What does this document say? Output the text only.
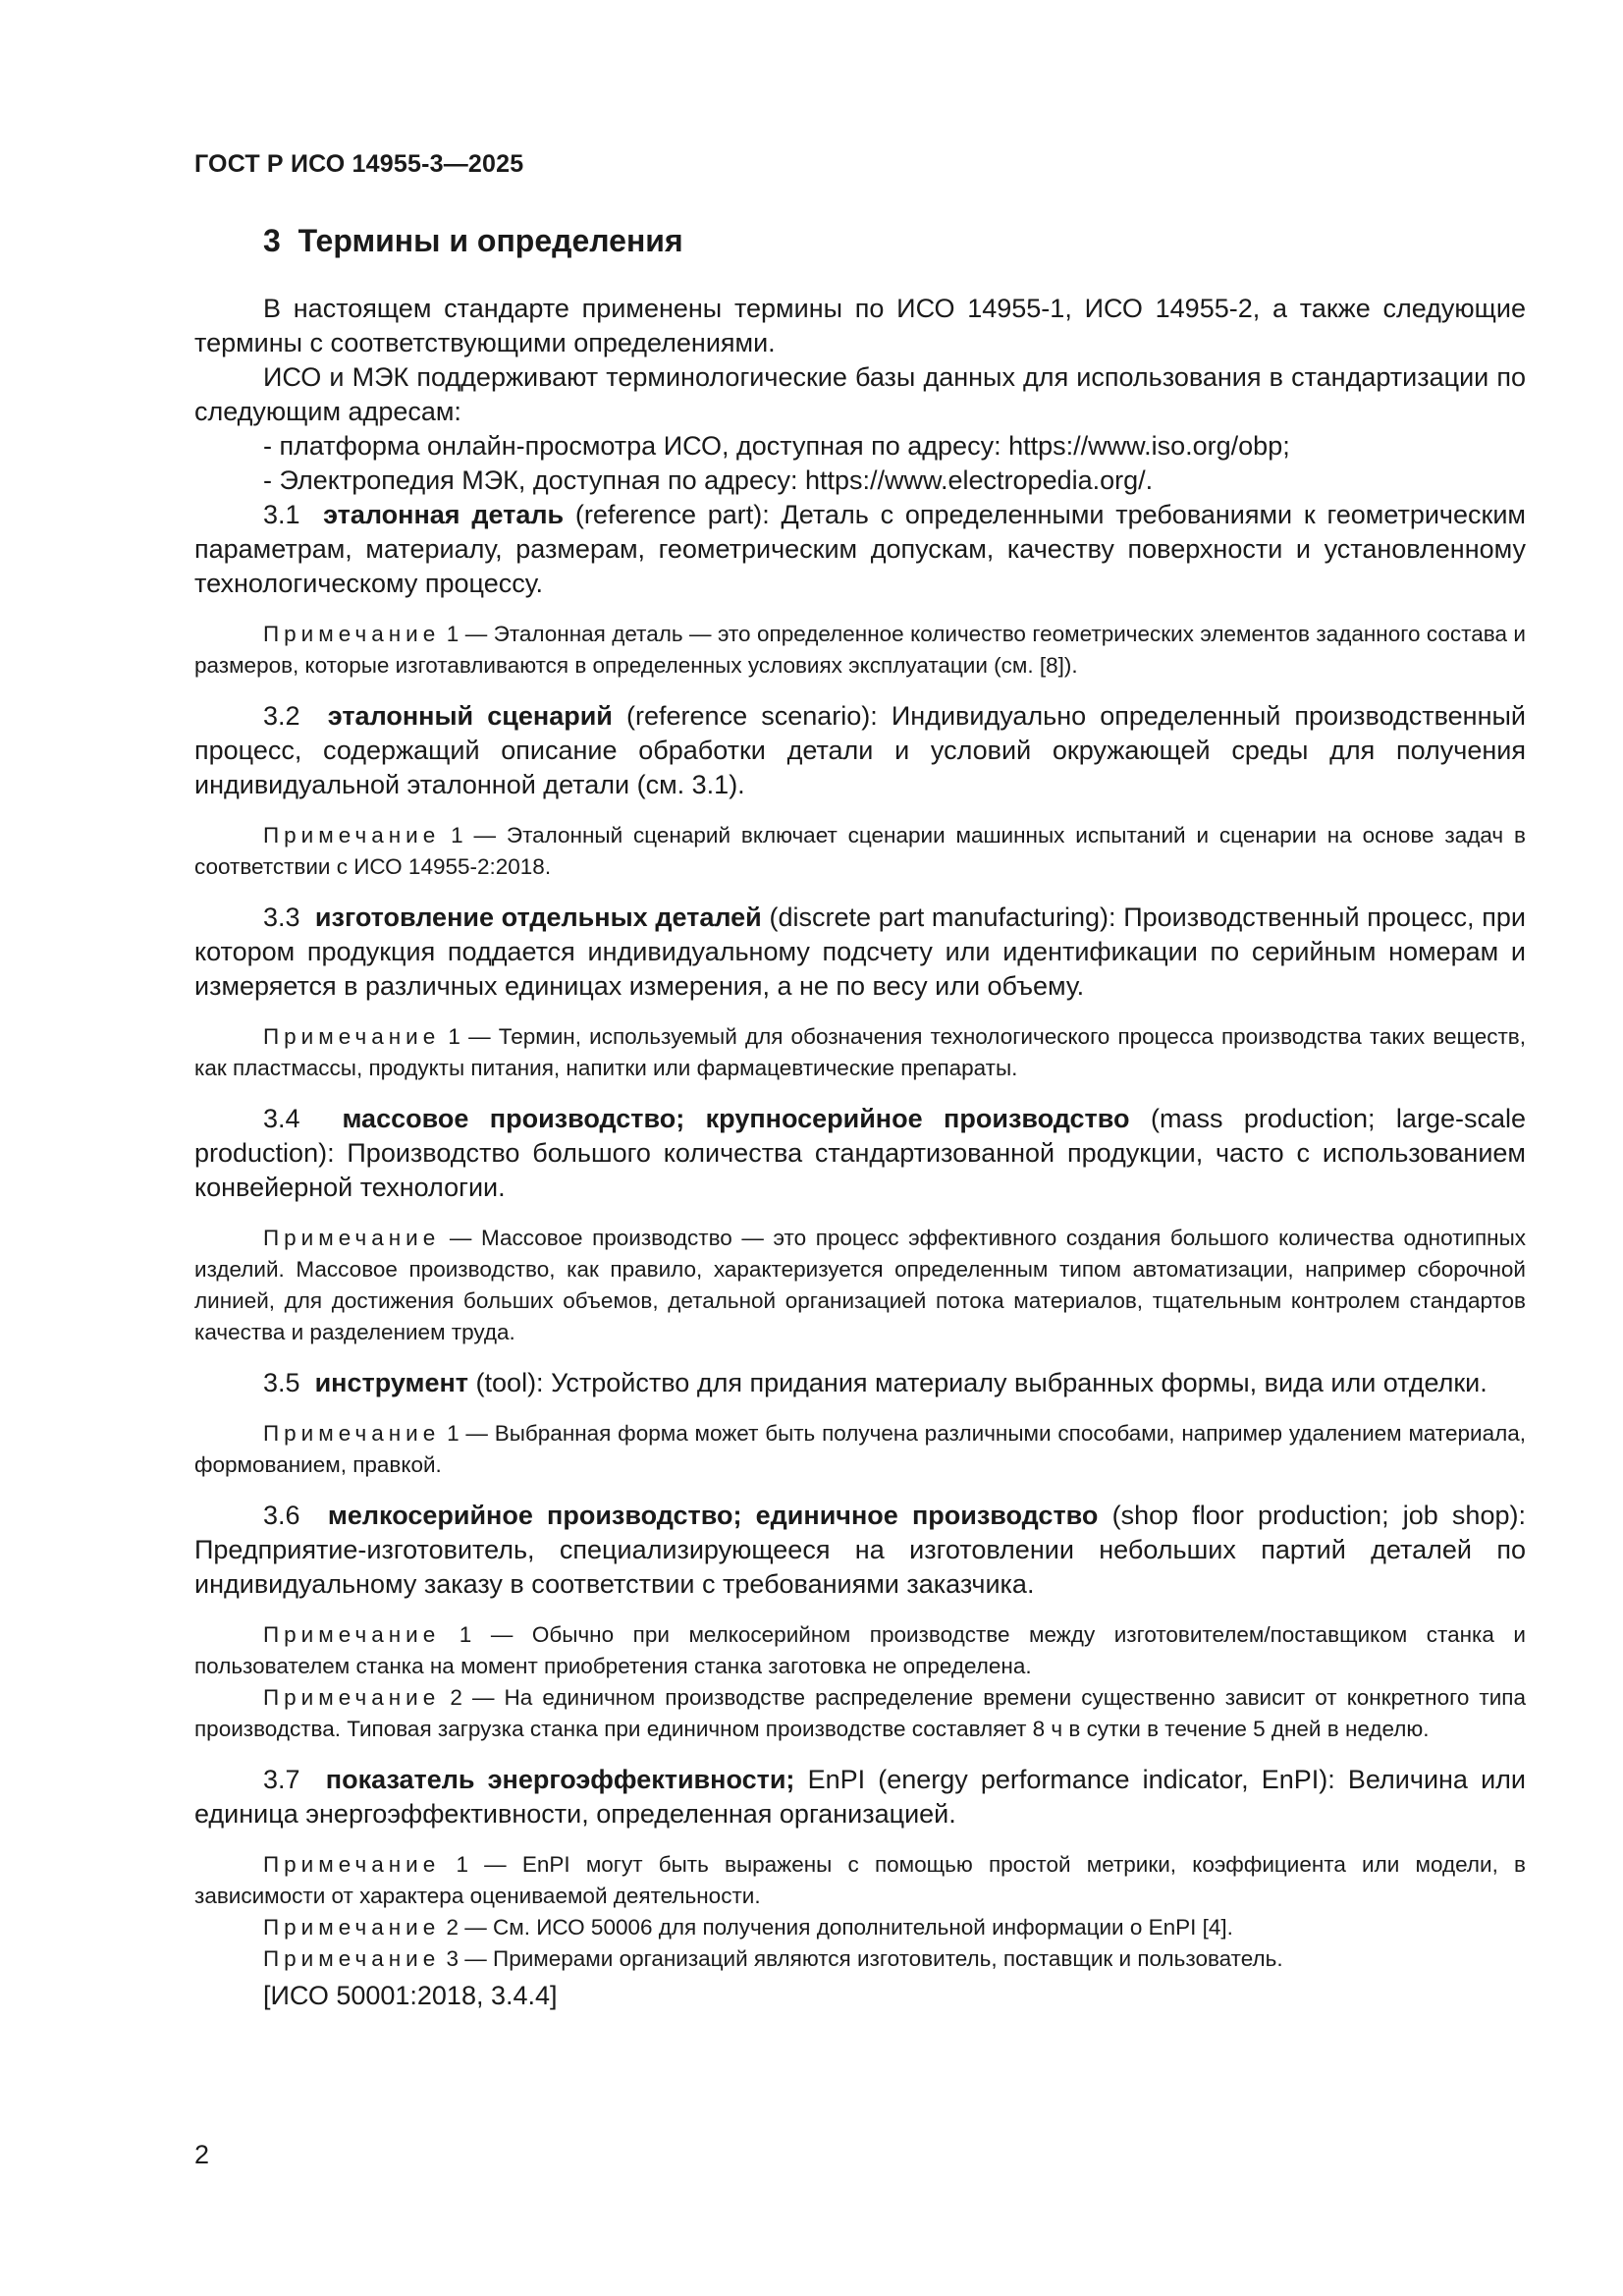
ГОСТ Р ИСО 14955-3—2025
3 Термины и определения

В настоящем стандарте применены термины по ИСО 14955-1, ИСО 14955-2, а также следующие термины с соответствующими определениями.

ИСО и МЭК поддерживают терминологические базы данных для использования в стандартизации по следующим адресам:

- платформа онлайн-просмотра ИСО, доступная по адресу: https://www.iso.org/obp;

- Электропедия МЭК, доступная по адресу: https://www.electropedia.org/.

3.1 эталонная деталь (reference part): Деталь с определенными требованиями к геометрическим параметрам, материалу, размерам, геометрическим допускам, качеству поверхности и установленному технологическому процессу.

Примечание 1 — Эталонная деталь — это определенное количество геометрических элементов заданного состава и размеров, которые изготавливаются в определенных условиях эксплуатации (см. [8]).

3.2 эталонный сценарий (reference scenario): Индивидуально определенный производственный процесс, содержащий описание обработки детали и условий окружающей среды для получения индивидуальной эталонной детали (см. 3.1).

Примечание 1 — Эталонный сценарий включает сценарии машинных испытаний и сценарии на основе задач в соответствии с ИСО 14955-2:2018.

3.3 изготовление отдельных деталей (discrete part manufacturing): Производственный процесс, при котором продукция поддается индивидуальному подсчету или идентификации по серийным номерам и измеряется в различных единицах измерения, а не по весу или объему.

Примечание 1 — Термин, используемый для обозначения технологического процесса производства таких веществ, как пластмассы, продукты питания, напитки или фармацевтические препараты.

3.4 массовое производство; крупносерийное производство (mass production; large-scale production): Производство большого количества стандартизованной продукции, часто с использованием конвейерной технологии.

Примечание — Массовое производство — это процесс эффективного создания большого количества однотипных изделий. Массовое производство, как правило, характеризуется определенным типом автоматизации, например сборочной линией, для достижения больших объемов, детальной организацией потока материалов, тщательным контролем стандартов качества и разделением труда.

3.5 инструмент (tool): Устройство для придания материалу выбранных формы, вида или отделки.

Примечание 1 — Выбранная форма может быть получена различными способами, например удалением материала, формованием, правкой.

3.6 мелкосерийное производство; единичное производство (shop floor production; job shop): Предприятие-изготовитель, специализирующееся на изготовлении небольших партий деталей по индивидуальному заказу в соответствии с требованиями заказчика.

Примечание 1 — Обычно при мелкосерийном производстве между изготовителем/поставщиком станка и пользователем станка на момент приобретения станка заготовка не определена.

Примечание 2 — На единичном производстве распределение времени существенно зависит от конкретного типа производства. Типовая загрузка станка при единичном производстве составляет 8 ч в сутки в течение 5 дней в неделю.

3.7 показатель энергоэффективности; EnPI (energy performance indicator, EnPI): Величина или единица энергоэффективности, определенная организацией.

Примечание 1 — EnPI могут быть выражены с помощью простой метрики, коэффициента или модели, в зависимости от характера оцениваемой деятельности.

Примечание 2 — См. ИСО 50006 для получения дополнительной информации о EnPI [4].

Примечание 3 — Примерами организаций являются изготовитель, поставщик и пользователь.

[ИСО 50001:2018, 3.4.4]

2
